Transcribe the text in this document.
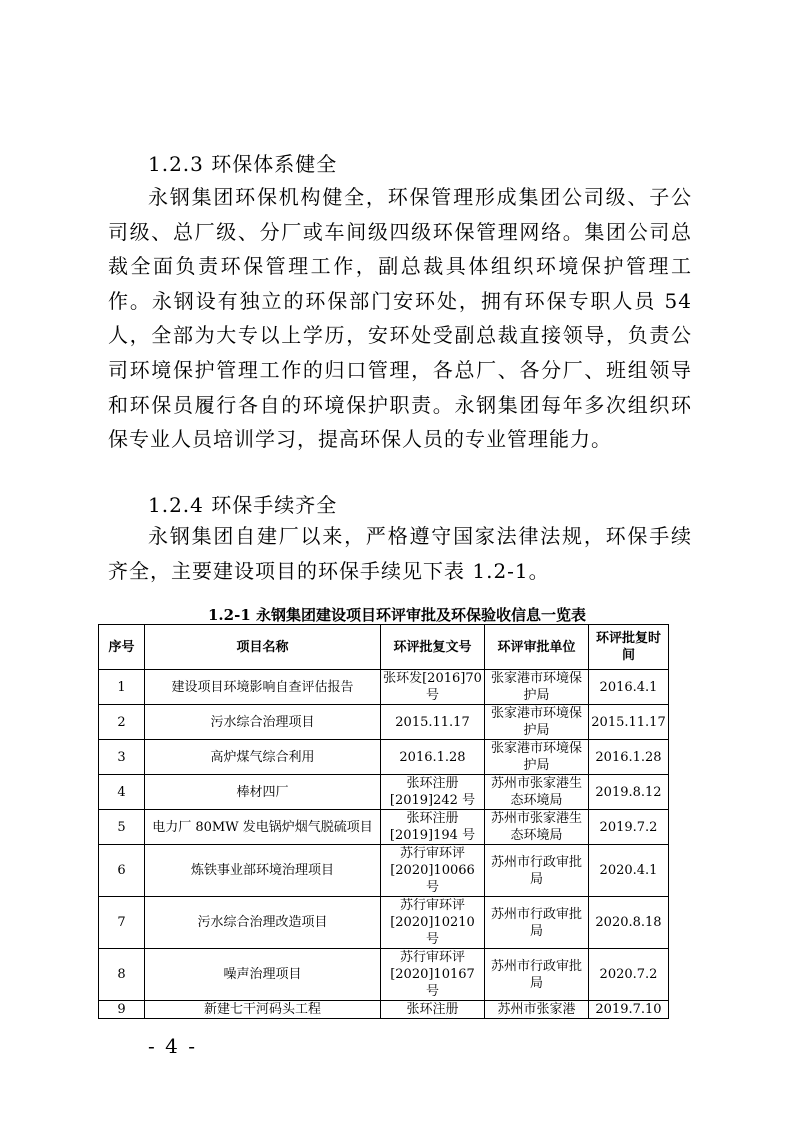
1.2.3 环保体系健全
永钢集团环保机构健全，环保管理形成集团公司级、子公司级、总厂级、分厂或车间级四级环保管理网络。集团公司总裁全面负责环保管理工作，副总裁具体组织环境保护管理工作。永钢设有独立的环保部门安环处，拥有环保专职人员 54 人，全部为大专以上学历，安环处受副总裁直接领导，负责公司环境保护管理工作的归口管理，各总厂、各分厂、班组领导和环保员履行各自的环境保护职责。永钢集团每年多次组织环保专业人员培训学习，提高环保人员的专业管理能力。
1.2.4 环保手续齐全
永钢集团自建厂以来，严格遵守国家法律法规，环保手续齐全，主要建设项目的环保手续见下表 1.2-1。
1.2-1 永钢集团建设项目环评审批及环保验收信息一览表
序号	项目名称	环评批复文号	环评审批单位	环评批复时间
1	建设项目环境影响自查评估报告	张环发[2016]70 号	张家港市环境保护局	2016.4.1
2	污水综合治理项目	2015.11.17	张家港市环境保护局	2015.11.17
3	高炉煤气综合利用	2016.1.28	张家港市环境保护局	2016.1.28
4	棒材四厂	张环注册[2019]242 号	苏州市张家港生态环境局	2019.8.12
5	电力厂 80MW 发电锅炉烟气脱硫项目	张环注册[2019]194 号	苏州市张家港生态环境局	2019.7.2
6	炼铁事业部环境治理项目	苏行审环评[2020]10066 号	苏州市行政审批局	2020.4.1
7	污水综合治理改造项目	苏行审环评[2020]10210 号	苏州市行政审批局	2020.8.18
8	噪声治理项目	苏行审环评[2020]10167 号	苏州市行政审批局	2020.7.2
9	新建七干河码头工程	张环注册	苏州市张家港	2019.7.10
- 4 -
